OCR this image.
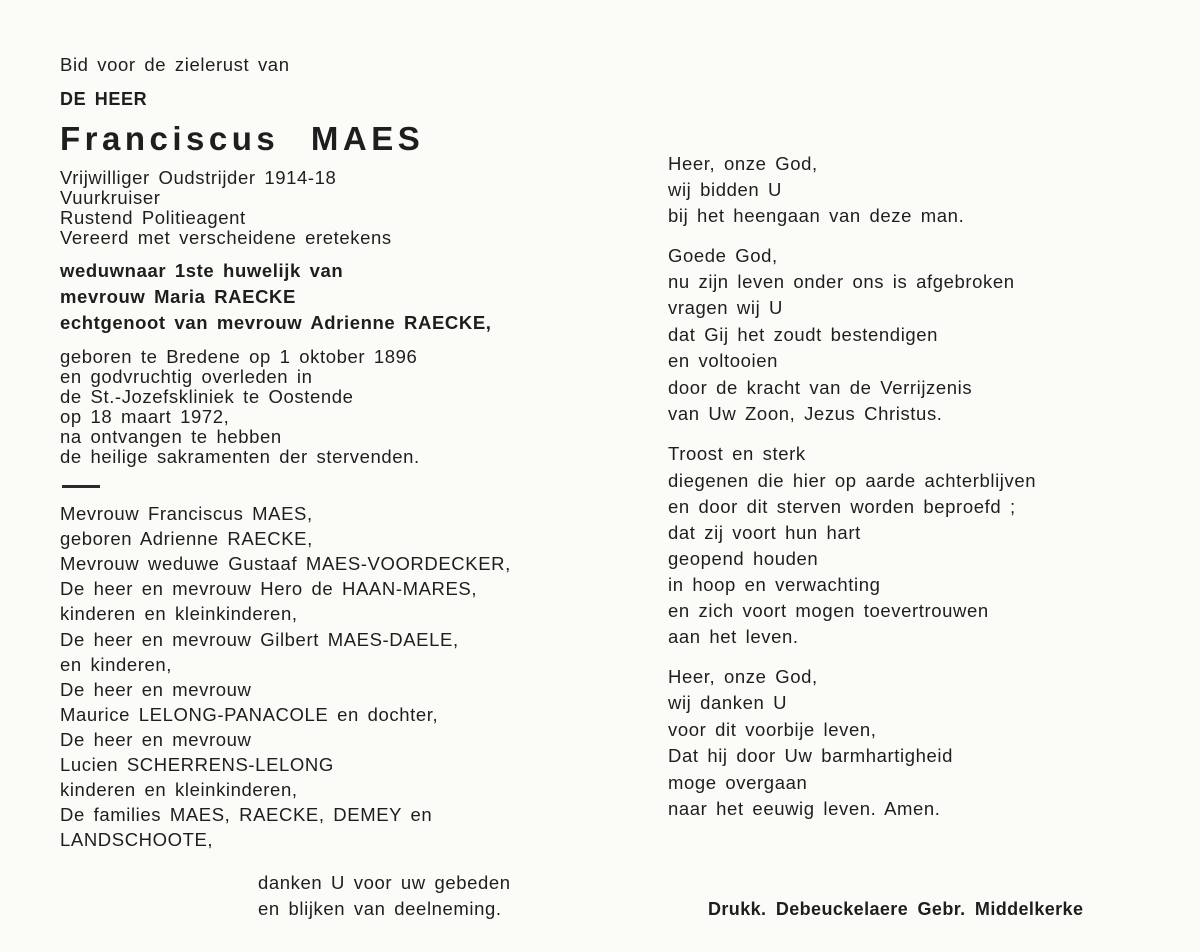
Bid voor de zielerust van
DE HEER
Franciscus MAES
Vrijwilliger Oudstrijder 1914-18
Vuurkruiser
Rustend Politieagent
Vereerd met verscheidene eretekens
weduwnaar 1ste huwelijk van
mevrouw Maria RAECKE
echtgenoot van mevrouw Adrienne RAECKE,
geboren te Bredene op 1 oktober 1896
en godvruchtig overleden in
de St.-Jozefskliniek te Oostende
op 18 maart 1972,
na ontvangen te hebben
de heilige sakramenten der stervenden.
Mevrouw Franciscus MAES,
geboren Adrienne RAECKE,
Mevrouw weduwe Gustaaf MAES-VOORDECKER,
De heer en mevrouw Hero de HAAN-MARES,
kinderen en kleinkinderen,
De heer en mevrouw Gilbert MAES-DAELE,
en kinderen,
De heer en mevrouw
Maurice LELONG-PANACOLE en dochter,
De heer en mevrouw
Lucien SCHERRENS-LELONG
kinderen en kleinkinderen,
De families MAES, RAECKE, DEMEY en
LANDSCHOOTE,
danken U voor uw gebeden
en blijken van deelneming.
Heer, onze God,
wij bidden U
bij het heengaan van deze man.
Goede God,
nu zijn leven onder ons is afgebroken
vragen wij U
dat Gij het zoudt bestendigen
en voltooien
door de kracht van de Verrijzenis
van Uw Zoon, Jezus Christus.
Troost en sterk
diegenen die hier op aarde achterblijven
en door dit sterven worden beproefd ;
dat zij voort hun hart
geopend houden
in hoop en verwachting
en zich voort mogen toevertrouwen
aan het leven.
Heer, onze God,
wij danken U
voor dit voorbije leven,
Dat hij door Uw barmhartigheid
moge overgaan
naar het eeuwig leven. Amen.
Drukk. Debeuckelaere Gebr. Middelkerke
